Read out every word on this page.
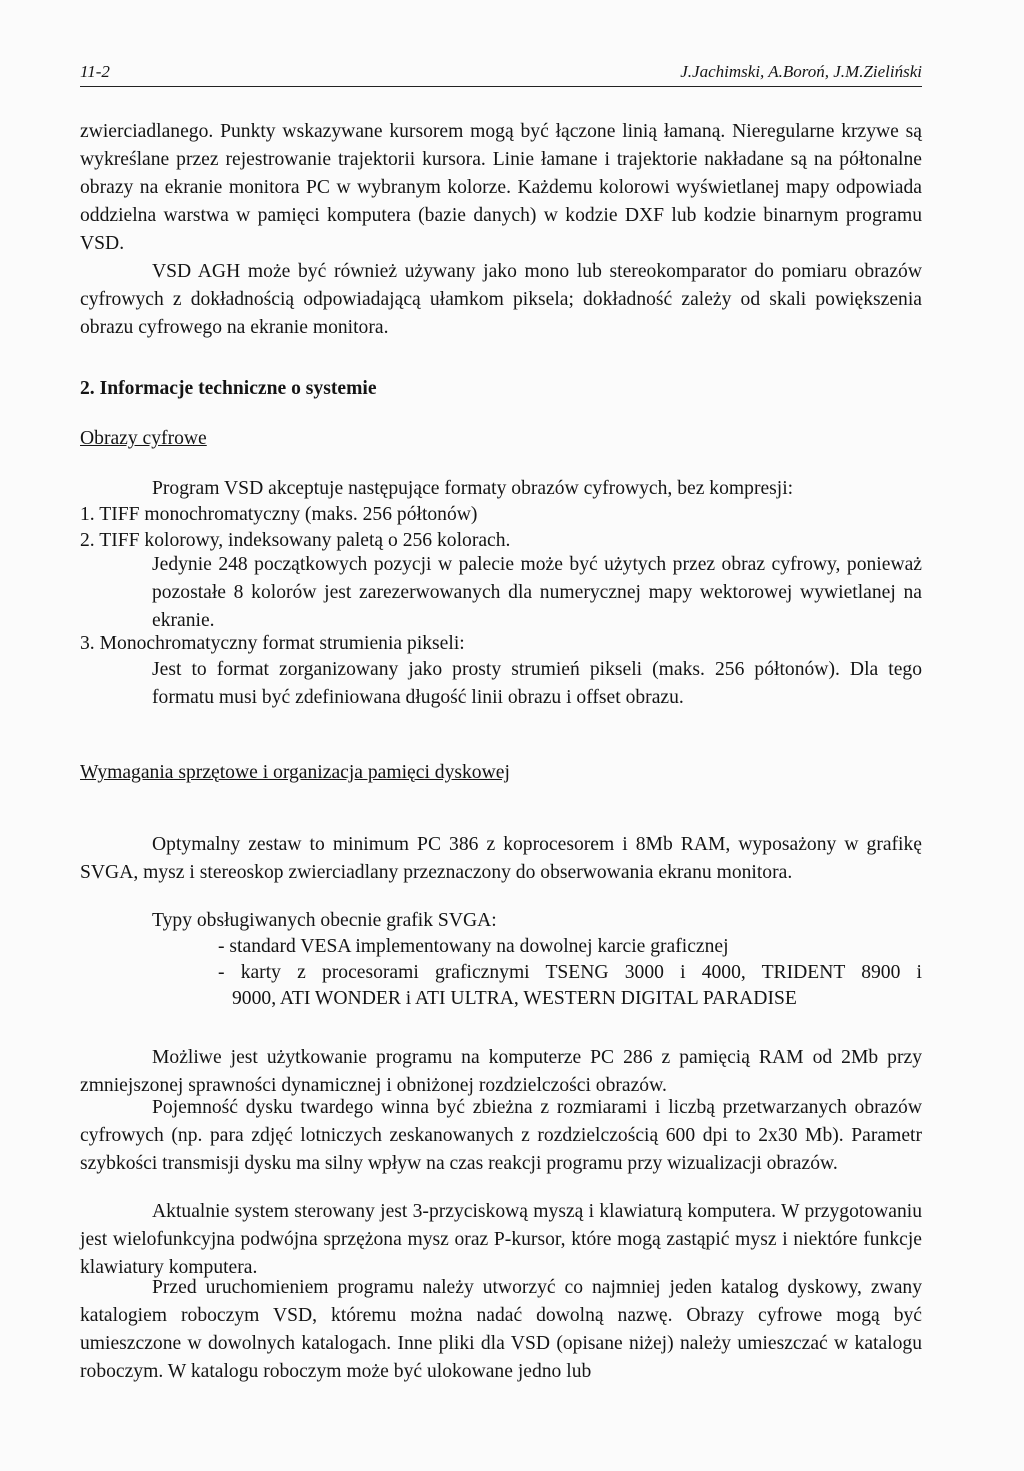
11-2	J.Jachimski, A.Boroń, J.M.Zieliński
zwierciadlanego. Punkty wskazywane kursorem mogą być łączone linią łamaną. Nieregularne krzywe są wykreślane przez rejestrowanie trajektorii kursora. Linie łamane i trajektorie nakładane są na półtonalne obrazy na ekranie monitora PC w wybranym kolorze. Każdemu kolorowi wyświetlanej mapy odpowiada oddzielna warstwa w pamięci komputera (bazie danych) w kodzie DXF lub kodzie binarnym programu VSD.
VSD AGH może być również używany jako mono lub stereokomparator do pomiaru obrazów cyfrowych z dokładnością odpowiadającą ułamkom piksela; dokładność zależy od skali powiększenia obrazu cyfrowego na ekranie monitora.
2. Informacje techniczne o systemie
Obrazy cyfrowe
Program VSD akceptuje następujące formaty obrazów cyfrowych, bez kompresji:
1. TIFF monochromatyczny (maks. 256 półtonów)
2. TIFF kolorowy, indeksowany paletą o 256 kolorach.
Jedynie 248 początkowych pozycji w palecie może być użytych przez obraz cyfrowy, ponieważ pozostałe 8 kolorów jest zarezerwowanych dla numerycznej mapy wektorowej wywietlanej na ekranie.
3. Monochromatyczny format strumienia pikseli:
Jest to format zorganizowany jako prosty strumień pikseli (maks. 256 półtonów). Dla tego formatu musi być zdefiniowana długość linii obrazu i offset obrazu.
Wymagania sprzętowe i organizacja pamięci dyskowej
Optymalny zestaw to minimum PC 386 z koprocesorem i 8Mb RAM, wyposażony w grafikę SVGA, mysz i stereoskop zwierciadlany przeznaczony do obserwowania ekranu monitora.
Typy obsługiwanych obecnie grafik SVGA:
- standard VESA implementowany na dowolnej karcie graficznej
- karty z procesorami graficznymi TSENG 3000 i 4000, TRIDENT 8900 i
9000, ATI WONDER i ATI ULTRA, WESTERN DIGITAL PARADISE
Możliwe jest użytkowanie programu na komputerze PC 286 z pamięcią RAM od 2Mb przy zmniejszonej sprawności dynamicznej i obniżonej rozdzielczości obrazów.
Pojemność dysku twardego winna być zbieżna z rozmiarami i liczbą przetwarzanych obrazów cyfrowych (np. para zdjęć lotniczych zeskanowanych z rozdzielczością 600 dpi to 2x30 Mb). Parametr szybkości transmisji dysku ma silny wpływ na czas reakcji programu przy wizualizacji obrazów.
Aktualnie system sterowany jest 3-przyciskową myszą i klawiaturą komputera. W przygotowaniu jest wielofunkcyjna podwójna sprzężona mysz oraz P-kursor, które mogą zastąpić mysz i niektóre funkcje klawiatury komputera.
Przed uruchomieniem programu należy utworzyć co najmniej jeden katalog dyskowy, zwany katalogiem roboczym VSD, któremu można nadać dowolną nazwę. Obrazy cyfrowe mogą być umieszczone w dowolnych katalogach. Inne pliki dla VSD (opisane niżej) należy umieszczać w katalogu roboczym. W katalogu roboczym może być ulokowane jedno lub
